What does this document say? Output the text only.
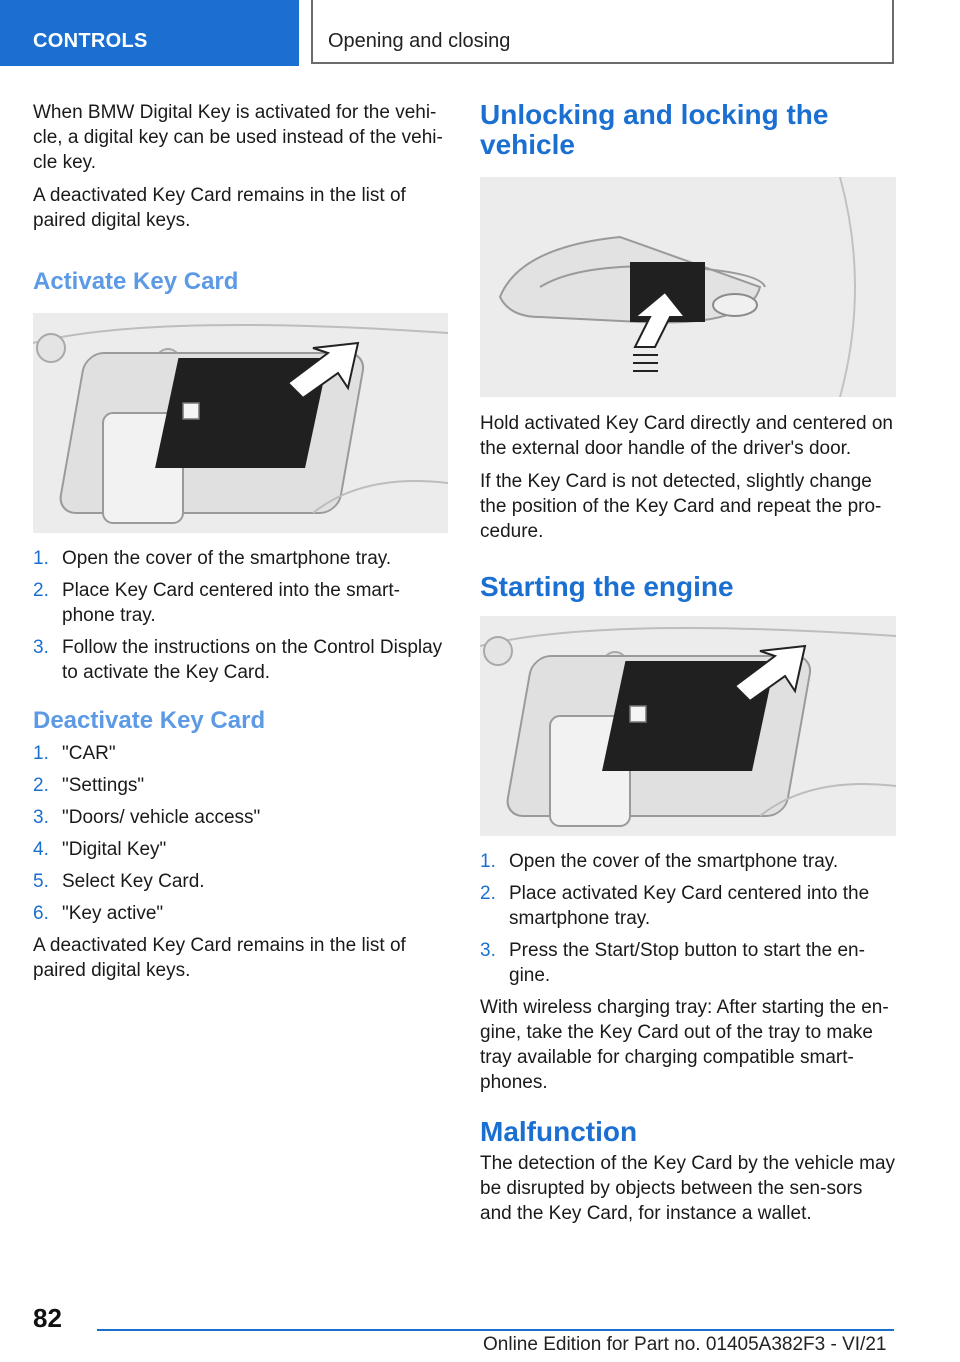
CONTROLS	Opening and closing

When BMW Digital Key is activated for the vehi-cle, a digital key can be used instead of the vehi-cle key.

A deactivated Key Card remains in the list of paired digital keys.

Activate Key Card
1. Open the cover of the smartphone tray.
2. Place Key Card centered into the smart-phone tray.
3. Follow the instructions on the Control Display to activate the Key Card.
Deactivate Key Card
1. "CAR"
2. "Settings"
3. "Doors/ vehicle access"
4. "Digital Key"
5. Select Key Card.
6. "Key active"

A deactivated Key Card remains in the list of paired digital keys.

Unlocking and locking the vehicle

Hold activated Key Card directly and centered on the external door handle of the driver's door.

If the Key Card is not detected, slightly change the position of the Key Card and repeat the pro-cedure.

Starting the engine
1. Open the cover of the smartphone tray.
2. Place activated Key Card centered into the smartphone tray.
3. Press the Start/Stop button to start the en-gine.

With wireless charging tray: After starting the en-gine, take the Key Card out of the tray to make tray available for charging compatible smart-phones.

Malfunction

The detection of the Key Card by the vehicle may be disrupted by objects between the sen-sors and the Key Card, for instance a wallet.

82
Online Edition for Part no. 01405A382F3 - VI/21
